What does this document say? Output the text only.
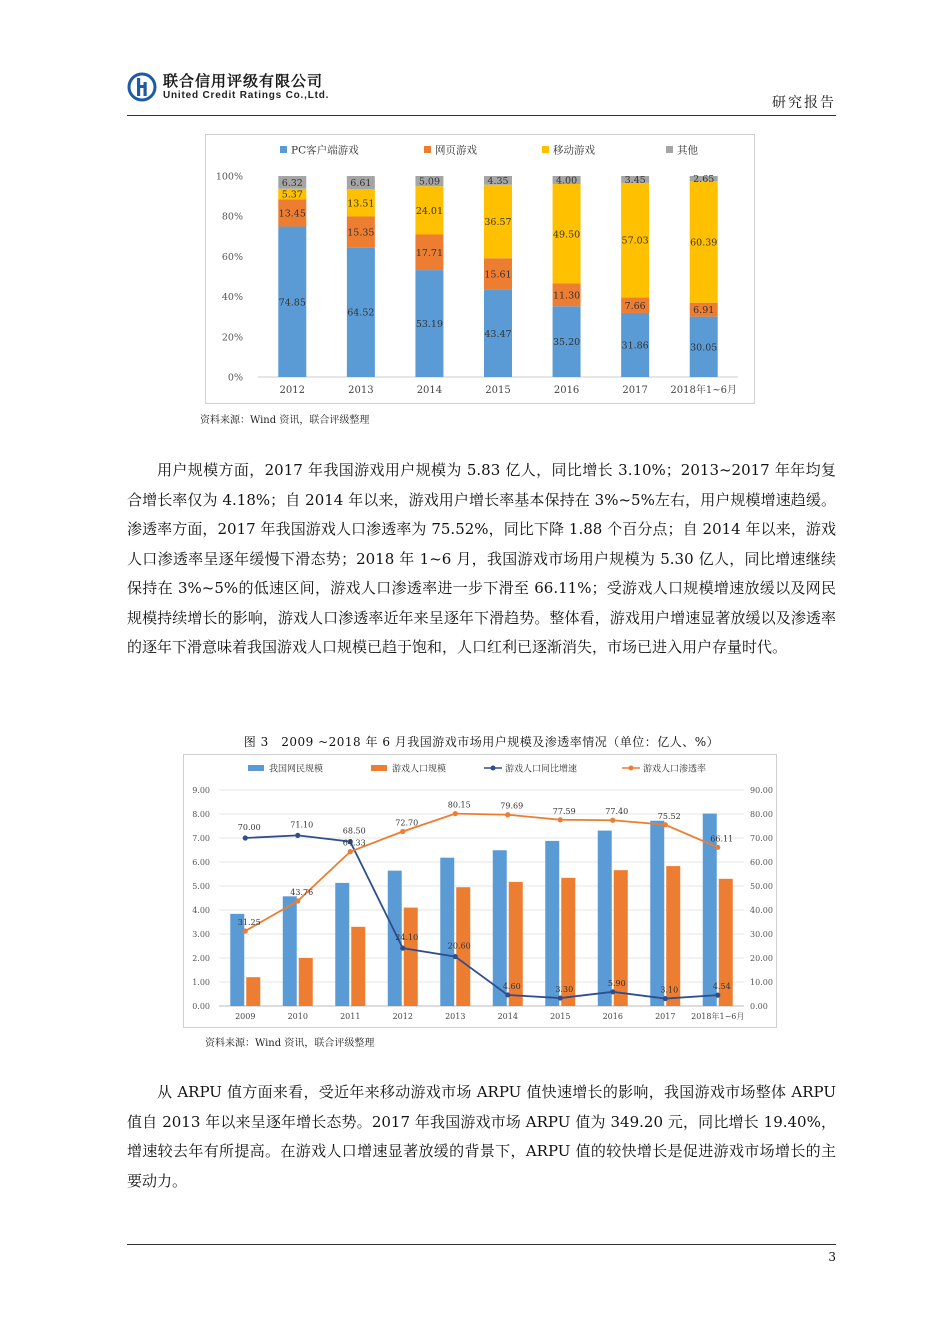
联合信用评级有限公司
United Credit Ratings Co.,Ltd.	研究报告
PC客户端游戏	网页游戏	移动游戏	其他
0%
20%
40%
60%
80%
100%
74.85
13.45
5.37
6.32
2012
64.52
15.35
13.51
6.61
2013
53.19
17.71
24.01
5.09
2014
43.47
15.61
36.57
4.35
2015
35.20
11.30
49.50
4.00
2016
31.86
7.66
57.03
3.45
2017
30.05
6.91
60.39
2.65
2018年1~6月
资料来源：Wind 资讯，联合评级整理

用户规模方面，2017 年我国游戏用户规模为 5.83 亿人，同比增长 3.10%；2013~2017 年年均复合增长率仅为 4.18%；自 2014 年以来，游戏用户增长率基本保持在 3%~5%左右，用户规模增速趋缓。渗透率方面，2017 年我国游戏人口渗透率为 75.52%，同比下降 1.88 个百分点；自 2014 年以来，游戏人口渗透率呈逐年缓慢下滑态势；2018 年 1~6 月，我国游戏市场用户规模为 5.30 亿人，同比增速继续保持在 3%~5%的低速区间，游戏人口渗透率进一步下滑至 66.11%；受游戏人口规模增速放缓以及网民规模持续增长的影响，游戏人口渗透率近年来呈逐年下滑趋势。整体看，游戏用户增速显著放缓以及渗透率的逐年下滑意味着我国游戏人口规模已趋于饱和，人口红利已逐渐消失，市场已进入用户存量时代。

图 3　2009 ~2018 年 6 月我国游戏市场用户规模及渗透率情况（单位：亿人、%）
我国网民规模	游戏人口规模	游戏人口同比增速	游戏人口渗透率
0.00
1.00
2.00
3.00
4.00
5.00
6.00
7.00
8.00
9.00
0.00
10.00
20.00
30.00
40.00
50.00
60.00
70.00
80.00
90.00
2009	2010	2011	2012	2013	2014	2015	2016	2017 2018年1~6月
70.00	71.10
68.50
24.10
20.60
4.60	3.30
5.90
3.10	4.54
31.25
43.76
64.33
72.70
80.15	79.69
77.59	77.40
75.52
66.11
资料来源：Wind 资讯，联合评级整理

从 ARPU 值方面来看，受近年来移动游戏市场 ARPU 值快速增长的影响，我国游戏市场整体 ARPU 值自 2013 年以来呈逐年增长态势。2017 年我国游戏市场 ARPU 值为 349.20 元，同比增长 19.40%，增速较去年有所提高。在游戏人口增速显著放缓的背景下，ARPU 值的较快增长是促进游戏市场增长的主要动力。

3
